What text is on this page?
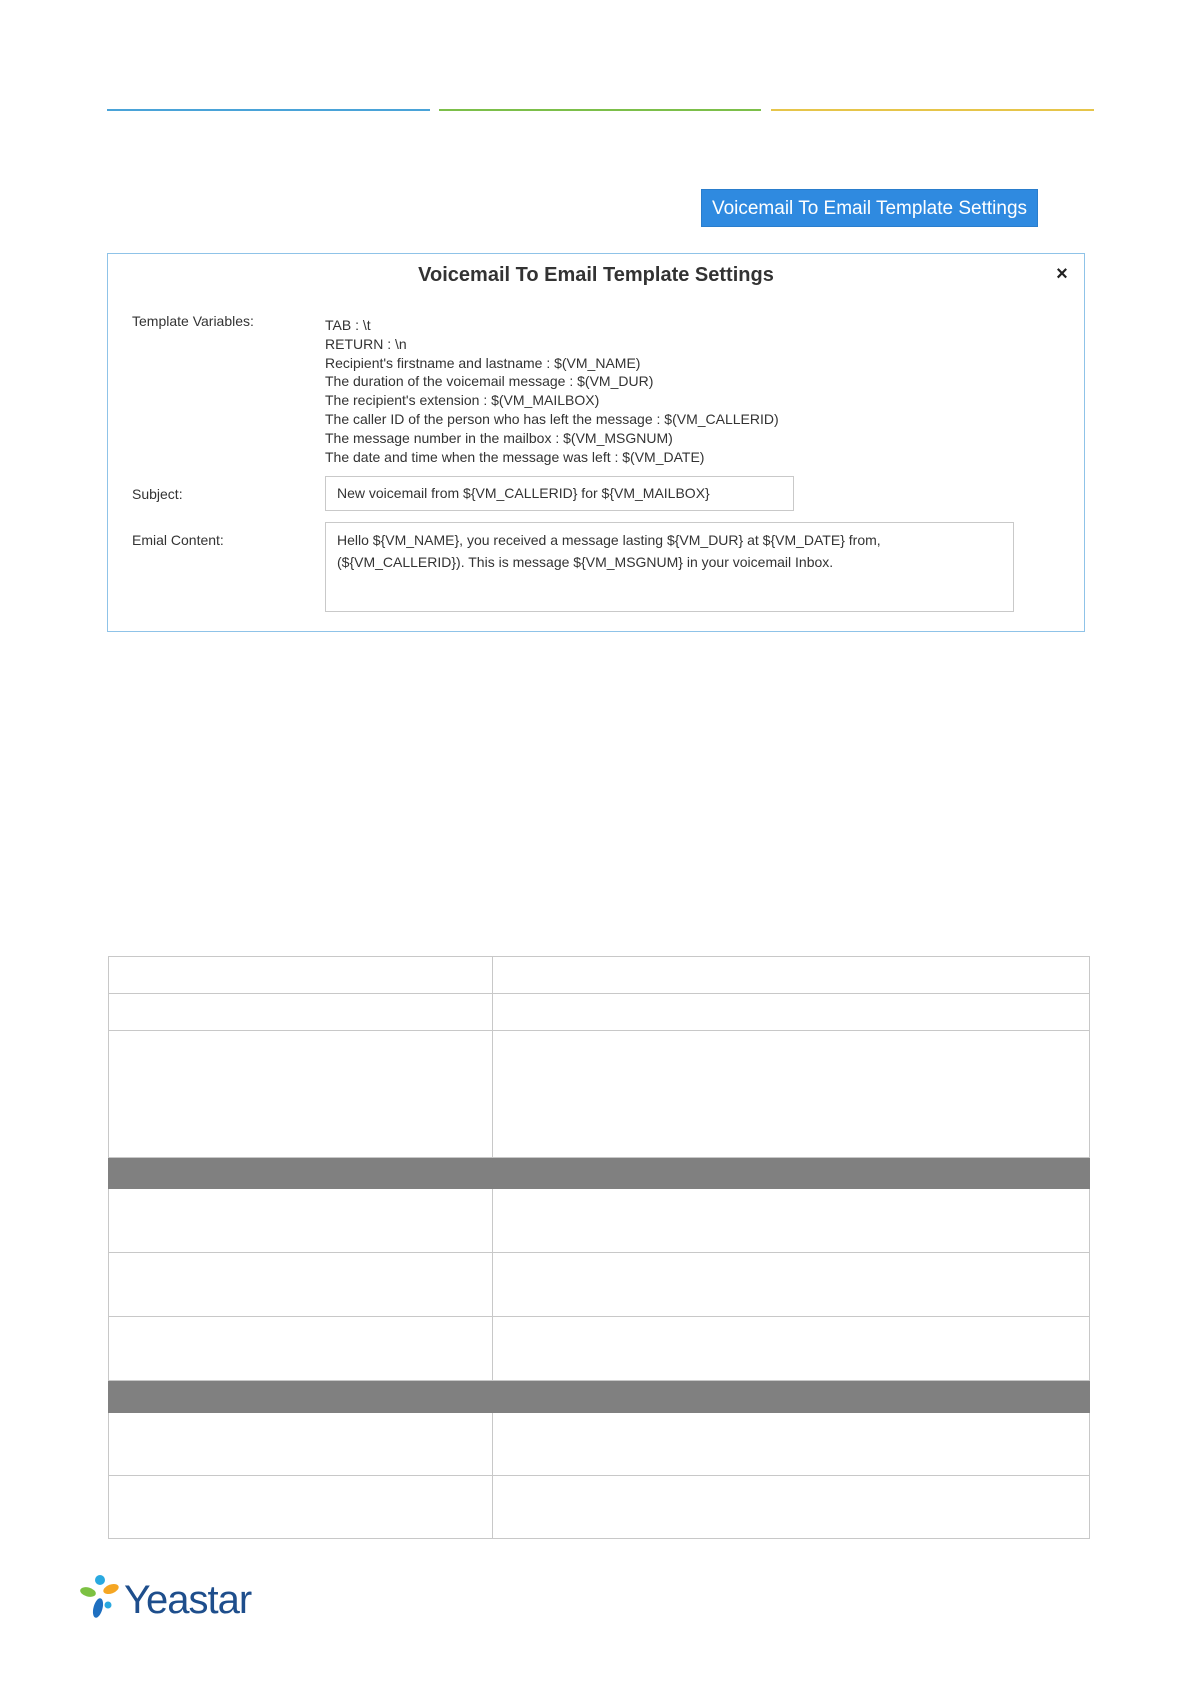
Voicemail To Email Template Settings
Voicemail To Email Template Settings	×
Template Variables:	TAB : \t
RETURN : \n
Recipient's firstname and lastname : $(VM_NAME)
The duration of the voicemail message : $(VM_DUR)
The recipient's extension : $(VM_MAILBOX)
The caller ID of the person who has left the message : $(VM_CALLERID)
The message number in the mailbox : $(VM_MSGNUM)
The date and time when the message was left : $(VM_DATE)
Subject:	New voicemail from ${VM_CALLERID} for ${VM_MAILBOX}
Emial Content:	Hello ${VM_NAME}, you received a message lasting ${VM_DUR} at ${VM_DATE} from,
(${VM_CALLERID}). This is message ${VM_MSGNUM} in your voicemail Inbox.

Yeastar
